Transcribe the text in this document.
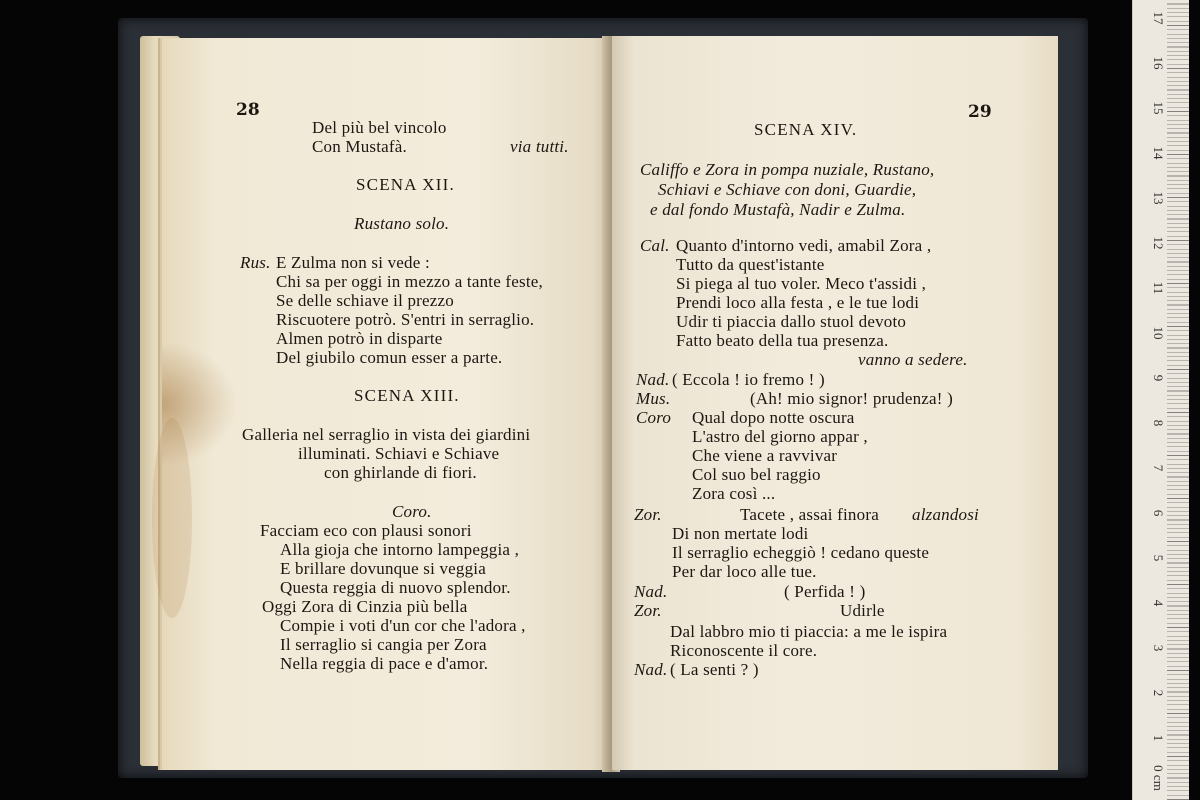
28
Del più bel vincolo
Con Mustafà.	via tutti.
SCENA XII.
Rustano solo.
Rus. E Zulma non si vede :
Chi sa per oggi in mezzo a tante feste,
Se delle schiave il prezzo
Riscuotere potrò. S'entri in serraglio.
Almen potrò in disparte
Del giubilo comun esser a parte.
SCENA XIII.
Galleria nel serraglio in vista dei giardini
illuminati. Schiavi e Schiave
con ghirlande di fiori.
Coro.
Facciam eco con plausi sonori
Alla gioja che intorno lampeggia ,
E brillare dovunque si veggia
Questa reggia di nuovo splendor.
Oggi Zora di Cinzia più bella
Compie i voti d'un cor che l'adora ,
Il serraglio si cangia per Zora
Nella reggia di pace e d'amor.
29
SCENA XIV.
Califfo e Zora in pompa nuziale, Rustano,
Schiavi e Schiave con doni, Guardie,
e dal fondo Mustafà, Nadir e Zulma.
Cal. Quanto d'intorno vedi, amabil Zora ,
Tutto da quest'istante
Si piega al tuo voler. Meco t'assidi ,
Prendi loco alla festa , e le tue lodi
Udir ti piaccia dallo stuol devoto
Fatto beato della tua presenza.
vanno a sedere.
Nad. ( Eccola ! io fremo ! )
Mus.	(Ah! mio signor! prudenza! )
Coro Qual dopo notte oscura
L'astro del giorno appar ,
Che viene a ravvivar
Col suo bel raggio
Zora così ...
Zor.	Tacete , assai finora alzandosi
Di non mertate lodi
Il serraglio echeggiò ! cedano queste
Per dar loco alle tue.
Nad.	( Perfida ! )
Zor.	Udirle
Dal labbro mio ti piaccia: a me le ispira
Riconoscente il core.
Nad. ( La senti ? )
17
16
15
14
13
12
11
10
9
8
7
6
5
4
3
2
1
0 cm
